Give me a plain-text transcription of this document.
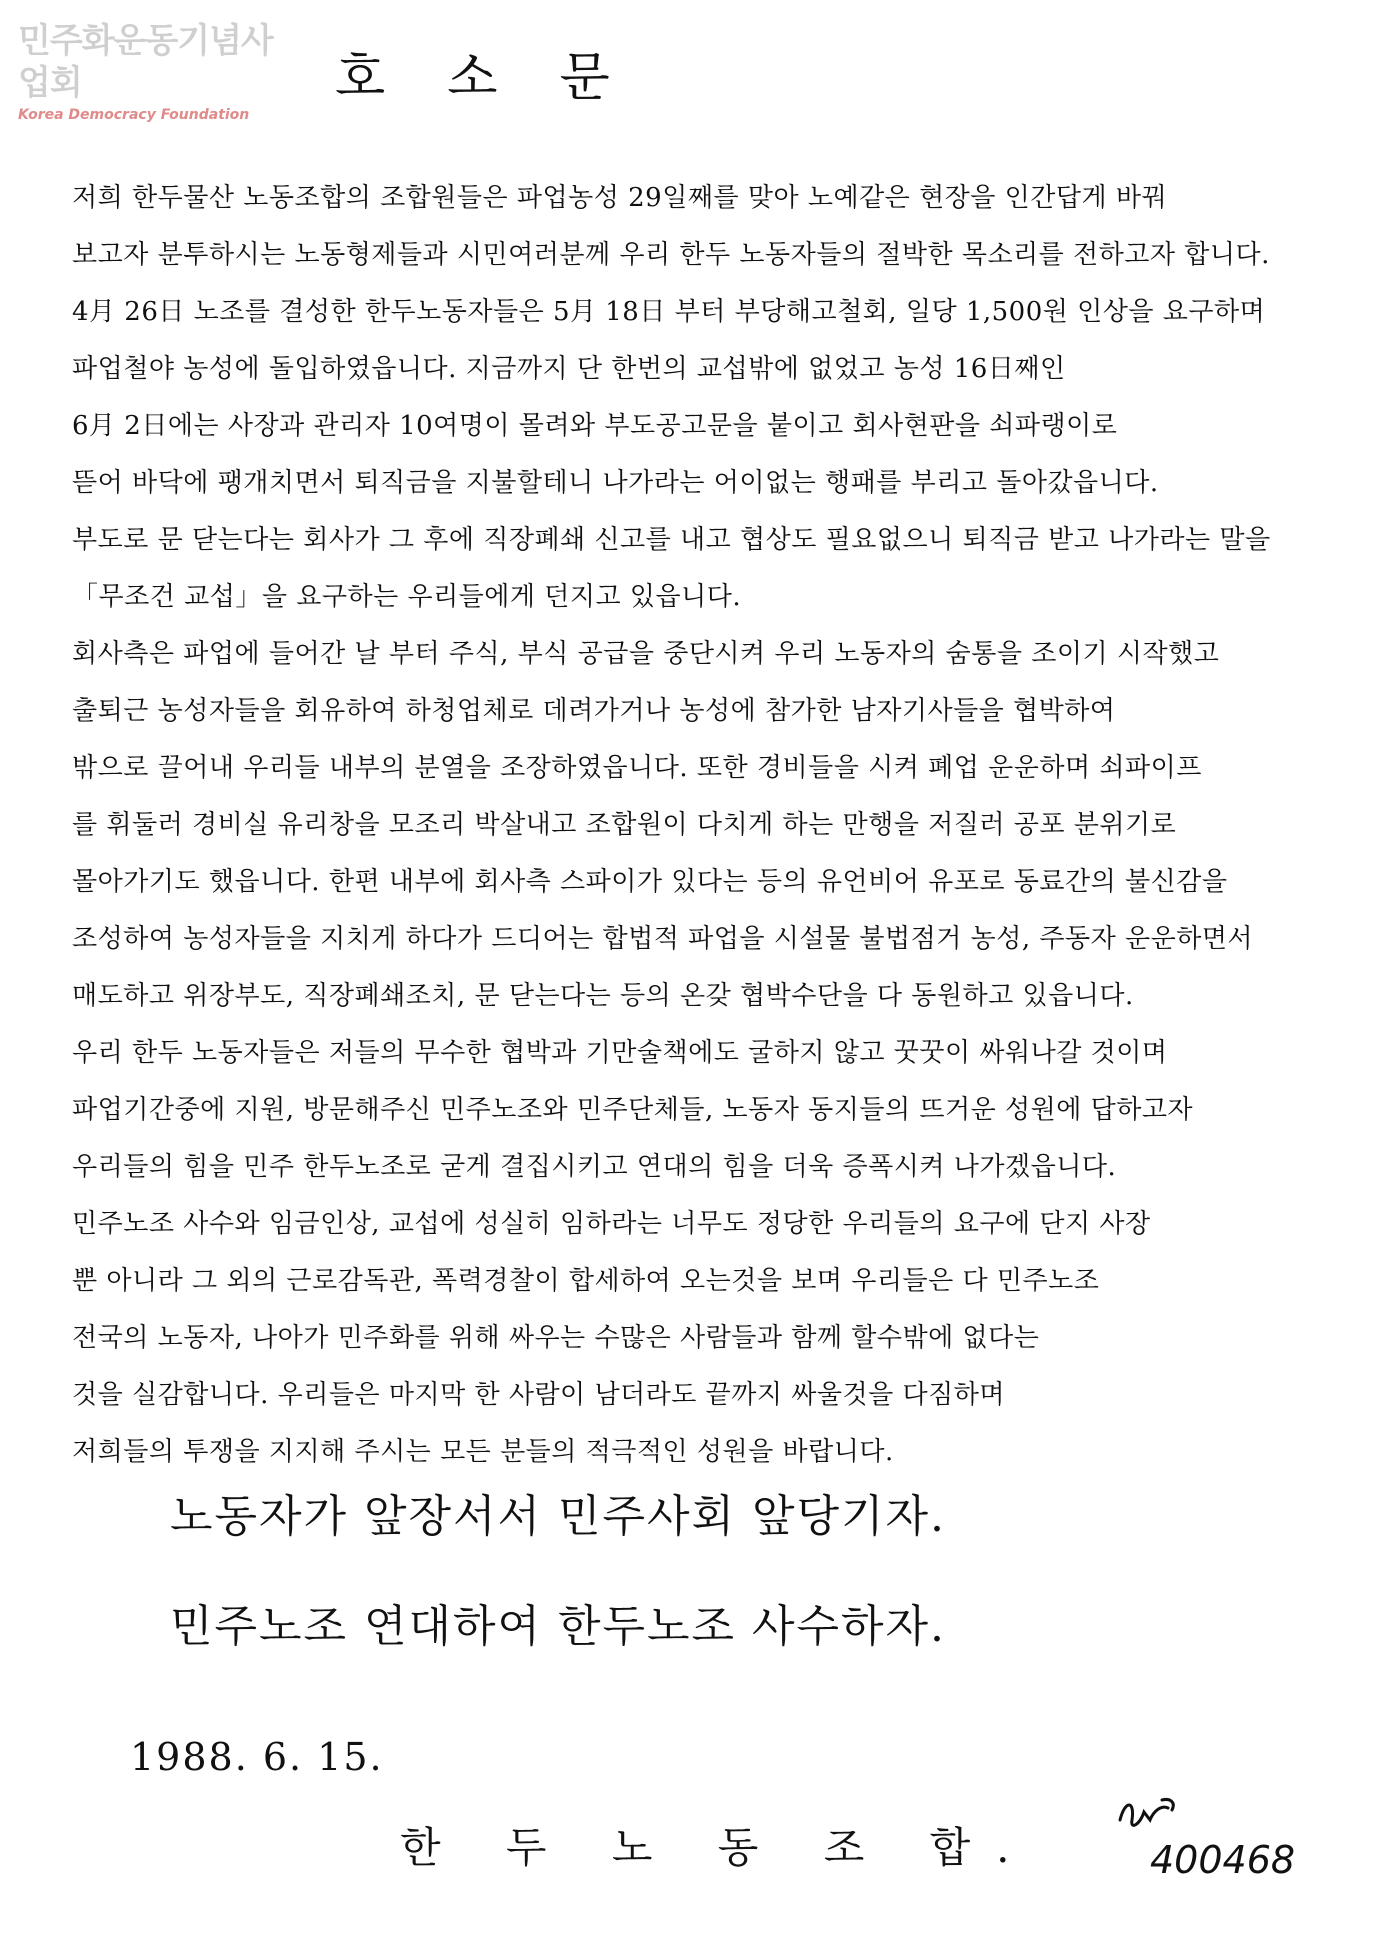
민주화운동기념사업회
Korea Democracy Foundation
호소문
저희 한두물산 노동조합의 조합원들은 파업농성 29일째를 맞아 노예같은 현장을 인간답게 바꿔
보고자 분투하시는 노동형제들과 시민여러분께 우리 한두 노동자들의 절박한 목소리를 전하고자 합니다.
4月 26日 노조를 결성한 한두노동자들은 5月 18日 부터 부당해고철회, 일당 1,500원 인상을 요구하며
파업철야 농성에 돌입하였읍니다. 지금까지 단 한번의 교섭밖에 없었고 농성 16日째인
6月 2日에는 사장과 관리자 10여명이 몰려와 부도공고문을 붙이고 회사현판을 쇠파랭이로
뜯어 바닥에 팽개치면서 퇴직금을 지불할테니 나가라는 어이없는 행패를 부리고 돌아갔읍니다.
부도로 문 닫는다는 회사가 그 후에 직장폐쇄 신고를 내고 협상도 필요없으니 퇴직금 받고 나가라는 말을
「무조건 교섭」을 요구하는 우리들에게 던지고 있읍니다.
회사측은 파업에 들어간 날 부터 주식, 부식 공급을 중단시켜 우리 노동자의 숨통을 조이기 시작했고
출퇴근 농성자들을 회유하여 하청업체로 데려가거나 농성에 참가한 남자기사들을 협박하여
밖으로 끌어내 우리들 내부의 분열을 조장하였읍니다. 또한 경비들을 시켜 폐업 운운하며 쇠파이프
를 휘둘러 경비실 유리창을 모조리 박살내고 조합원이 다치게 하는 만행을 저질러 공포 분위기로
몰아가기도 했읍니다. 한편 내부에 회사측 스파이가 있다는 등의 유언비어 유포로 동료간의 불신감을
조성하여 농성자들을 지치게 하다가 드디어는 합법적 파업을 시설물 불법점거 농성, 주동자 운운하면서
매도하고 위장부도, 직장폐쇄조치, 문 닫는다는 등의 온갖 협박수단을 다 동원하고 있읍니다.
우리 한두 노동자들은 저들의 무수한 협박과 기만술책에도 굴하지 않고 꿋꿋이 싸워나갈 것이며
파업기간중에 지원, 방문해주신 민주노조와 민주단체들, 노동자 동지들의 뜨거운 성원에 답하고자
우리들의 힘을 민주 한두노조로 굳게 결집시키고 연대의 힘을 더욱 증폭시켜 나가겠읍니다.
민주노조 사수와 임금인상, 교섭에 성실히 임하라는 너무도 정당한 우리들의 요구에 단지 사장
뿐 아니라 그 외의 근로감독관, 폭력경찰이 합세하여 오는것을 보며 우리들은 다 민주노조
전국의 노동자, 나아가 민주화를 위해 싸우는 수많은 사람들과 함께 할수밖에 없다는
것을 실감합니다. 우리들은 마지막 한 사람이 남더라도 끝까지 싸울것을 다짐하며
저희들의 투쟁을 지지해 주시는 모든 분들의 적극적인 성원을 바랍니다.
노동자가 앞장서서 민주사회 앞당기자.
민주노조 연대하여 한두노조 사수하자.
1988. 6. 15.
한 두 노 동 조 합.	400468
